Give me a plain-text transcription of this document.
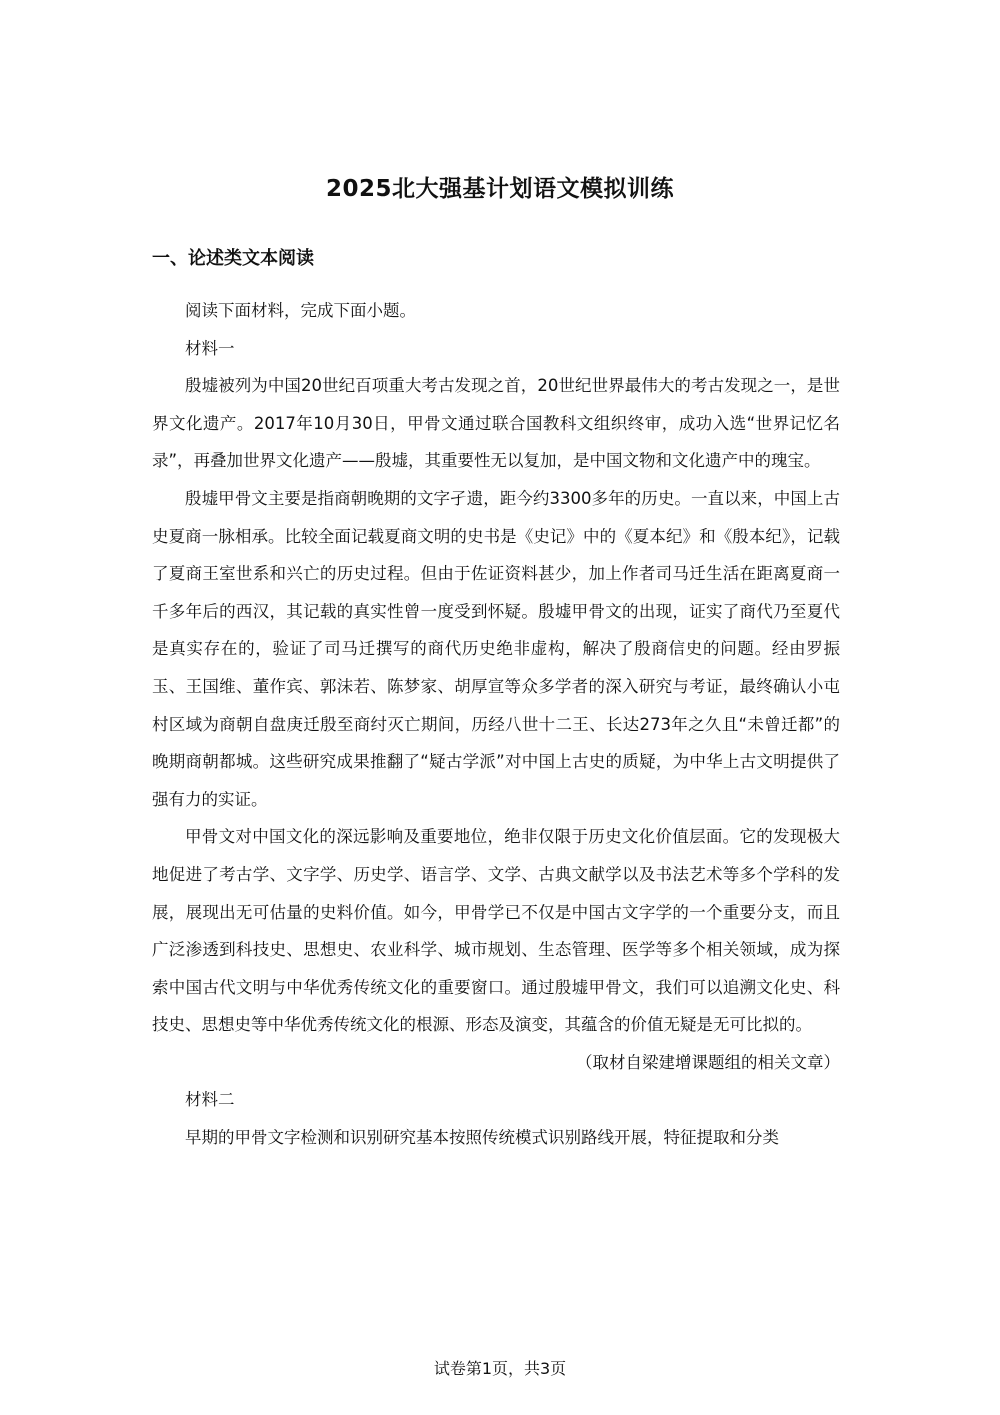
2025北大强基计划语文模拟训练
一、论述类文本阅读

阅读下面材料，完成下面小题。

材料一

殷墟被列为中国20世纪百项重大考古发现之首，20世纪世界最伟大的考古发现之一，是世界文化遗产。2017年10月30日，甲骨文通过联合国教科文组织终审，成功入选“世界记忆名录”，再叠加世界文化遗产——殷墟，其重要性无以复加，是中国文物和文化遗产中的瑰宝。

殷墟甲骨文主要是指商朝晚期的文字孑遗，距今约3300多年的历史。一直以来，中国上古史夏商一脉相承。比较全面记载夏商文明的史书是《史记》中的《夏本纪》和《殷本纪》，记载了夏商王室世系和兴亡的历史过程。但由于佐证资料甚少，加上作者司马迁生活在距离夏商一千多年后的西汉，其记载的真实性曾一度受到怀疑。殷墟甲骨文的出现，证实了商代乃至夏代是真实存在的，验证了司马迁撰写的商代历史绝非虚构，解决了殷商信史的问题。经由罗振玉、王国维、董作宾、郭沫若、陈梦家、胡厚宣等众多学者的深入研究与考证，最终确认小屯村区域为商朝自盘庚迁殷至商纣灭亡期间，历经八世十二王、长达273年之久且“未曾迁都”的晚期商朝都城。这些研究成果推翻了“疑古学派”对中国上古史的质疑，为中华上古文明提供了强有力的实证。

甲骨文对中国文化的深远影响及重要地位，绝非仅限于历史文化价值层面。它的发现极大地促进了考古学、文字学、历史学、语言学、文学、古典文献学以及书法艺术等多个学科的发展，展现出无可估量的史料价值。如今，甲骨学已不仅是中国古文字学的一个重要分支，而且广泛渗透到科技史、思想史、农业科学、城市规划、生态管理、医学等多个相关领域，成为探索中国古代文明与中华优秀传统文化的重要窗口。通过殷墟甲骨文，我们可以追溯文化史、科技史、思想史等中华优秀传统文化的根源、形态及演变，其蕴含的价值无疑是无可比拟的。

（取材自梁建增课题组的相关文章）

材料二

早期的甲骨文字检测和识别研究基本按照传统模式识别路线开展，特征提取和分类

试卷第1页，共3页
